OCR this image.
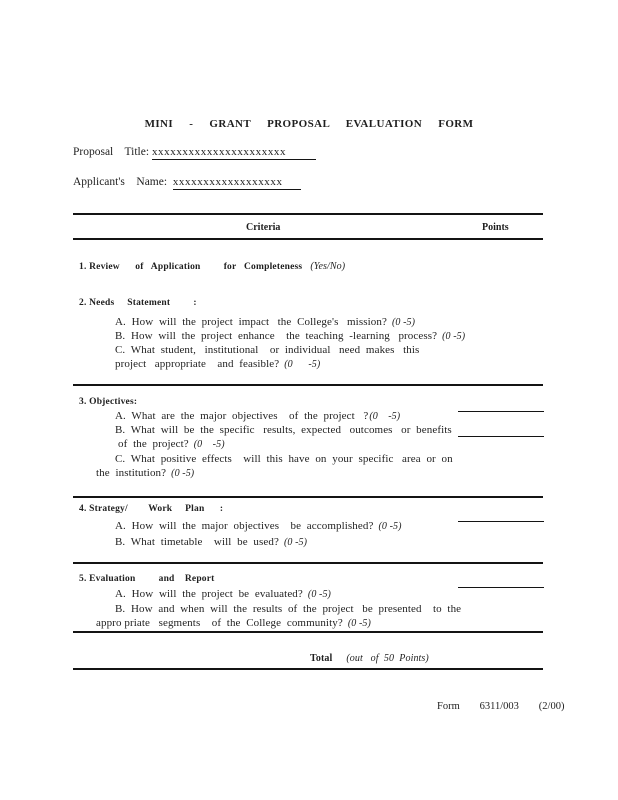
MINI - GRANT PROPOSAL EVALUATION FORM
Proposal    Title: xxxxxxxxxxxxxxxxxxxxxx
Applicant's    Name:  xxxxxxxxxxxxxxxxxx
Criteria	Points
1. Review      of   Application         for   Completeness (Yes/No)
2. Needs     Statement         :
A.  How  will  the  project  impact   the  College's   mission? (0 -5)
B.  How  will  the  project  enhance    the  teaching  -learning   process? (0 -5)
C.  What  student,   institutional    or  individual   need  makes   this
project   appropriate    and  feasible? (0      -5)
3. Objectives:
A.  What  are  the  major  objectives    of  the  project   ?(0    -5)
B.  What  will  be  the  specific   results,  expected   outcomes   or  benefits
of  the  project? (0    -5)
C.  What  positive  effects    will  this  have  on  your  specific   area  or  on
the  institution? (0 -5)
4. Strategy/        Work     Plan      :
A.  How  will  the  major  objectives    be  accomplished? (0 -5)
B.  What  timetable    will  be  used? (0 -5)
5. Evaluation         and    Report
A.  How  will  the  project  be  evaluated? (0 -5)
B.  How  and  when  will  the  results  of  the  project   be  presented    to  the
appro priate   segments    of  the  College  community? (0 -5)
Total (out   of  50  Points)
Form   6311/003   (2/00)
